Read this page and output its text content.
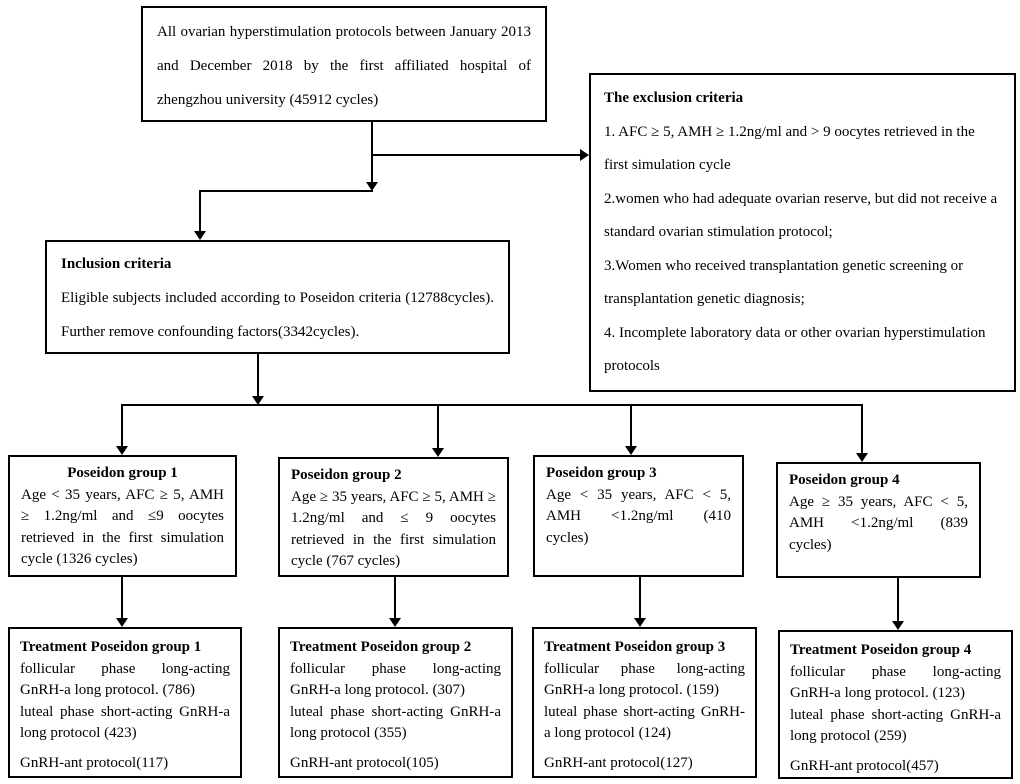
All ovarian hyperstimulation protocols between January 2013 and December 2018 by the first affiliated hospital of zhengzhou university (45912 cycles)	The exclusion criteria
1. AFC ≥ 5, AMH ≥ 1.2ng/ml and > 9 oocytes retrieved in the first simulation cycle
2.women who had adequate ovarian reserve, but did not receive a standard ovarian stimulation protocol;
3.Women who received transplantation genetic screening or transplantation genetic diagnosis;
4. Incomplete laboratory data or other ovarian hyperstimulation protocols
Inclusion criteria
Eligible subjects included according to Poseidon criteria (12788cycles). Further remove confounding factors(3342cycles).
Poseidon group 1
Age < 35 years, AFC ≥ 5, AMH ≥ 1.2ng/ml and ≤9 oocytes retrieved in the first simulation cycle (1326 cycles)
Poseidon group 2
Age ≥ 35 years, AFC ≥ 5, AMH ≥ 1.2ng/ml and ≤ 9 oocytes retrieved in the first simulation cycle (767 cycles)
Poseidon group 3
Age < 35 years, AFC < 5, AMH <1.2ng/ml (410 cycles)
Poseidon group 4
Age ≥ 35 years, AFC < 5, AMH <1.2ng/ml (839 cycles)
Treatment Poseidon group 1
follicular phase long-acting GnRH-a long protocol. (786)
luteal phase short-acting GnRH-a long protocol (423)
GnRH-ant protocol(117)
Treatment Poseidon group 2
follicular phase long-acting GnRH-a long protocol. (307)
luteal phase short-acting GnRH-a long protocol (355)
GnRH-ant protocol(105)
Treatment Poseidon group 3
follicular phase long-acting GnRH-a long protocol. (159)
luteal phase short-acting GnRH-a long protocol (124)
GnRH-ant protocol(127)
Treatment Poseidon group 4
follicular phase long-acting GnRH-a long protocol. (123)
luteal phase short-acting GnRH-a long protocol (259)
GnRH-ant protocol(457)
